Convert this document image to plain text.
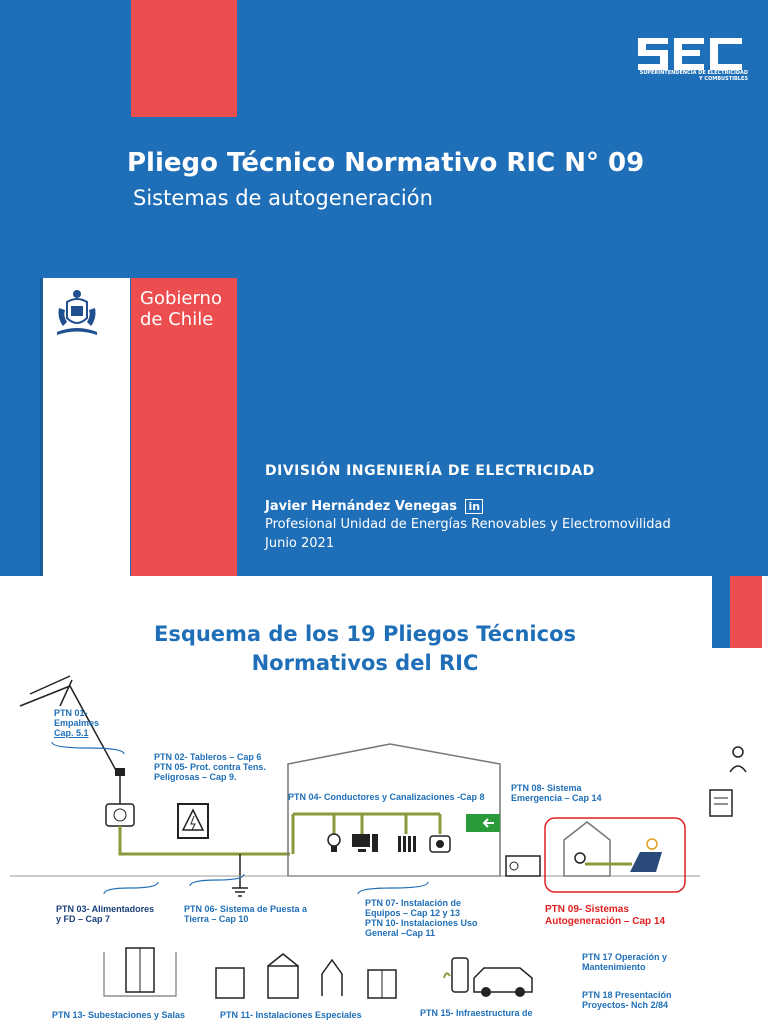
Gobierno
de Chile
SUPERINTENDENCIA DE ELECTRICIDAD Y COMBUSTIBLES
Pliego Técnico Normativo RIC N° 09
Sistemas de autogeneración
DIVISIÓN INGENIERÍA DE ELECTRICIDAD
Javier Hernández Venegas in
Profesional Unidad de Energías Renovables y Electromovilidad
Junio 2021
Esquema de los 19 Pliegos Técnicos
Normativos del RIC
PTN 01-
Empalmes
Cap. 5.1
PTN 02- Tableros – Cap 6
PTN 05- Prot. contra Tens.
Peligrosas – Cap 9.
PTN 04- Conductores y Canalizaciones -Cap 8
PTN 08- Sistema
Emergencia – Cap 14
PTN 03- Alimentadores
y FD – Cap 7
PTN 06- Sistema de Puesta a
Tierra – Cap 10
PTN 07- Instalación de
Equipos – Cap 12 y 13
PTN 10- Instalaciones Uso
General –Cap 11
PTN 09- Sistemas
Autogeneración – Cap 14
PTN 17 Operación y
Mantenimiento
PTN 18 Presentación
Proyectos- Nch 2/84
PTN 13- Subestaciones y Salas	PTN 11- Instalaciones Especiales	PTN 15- Infraestructura de
